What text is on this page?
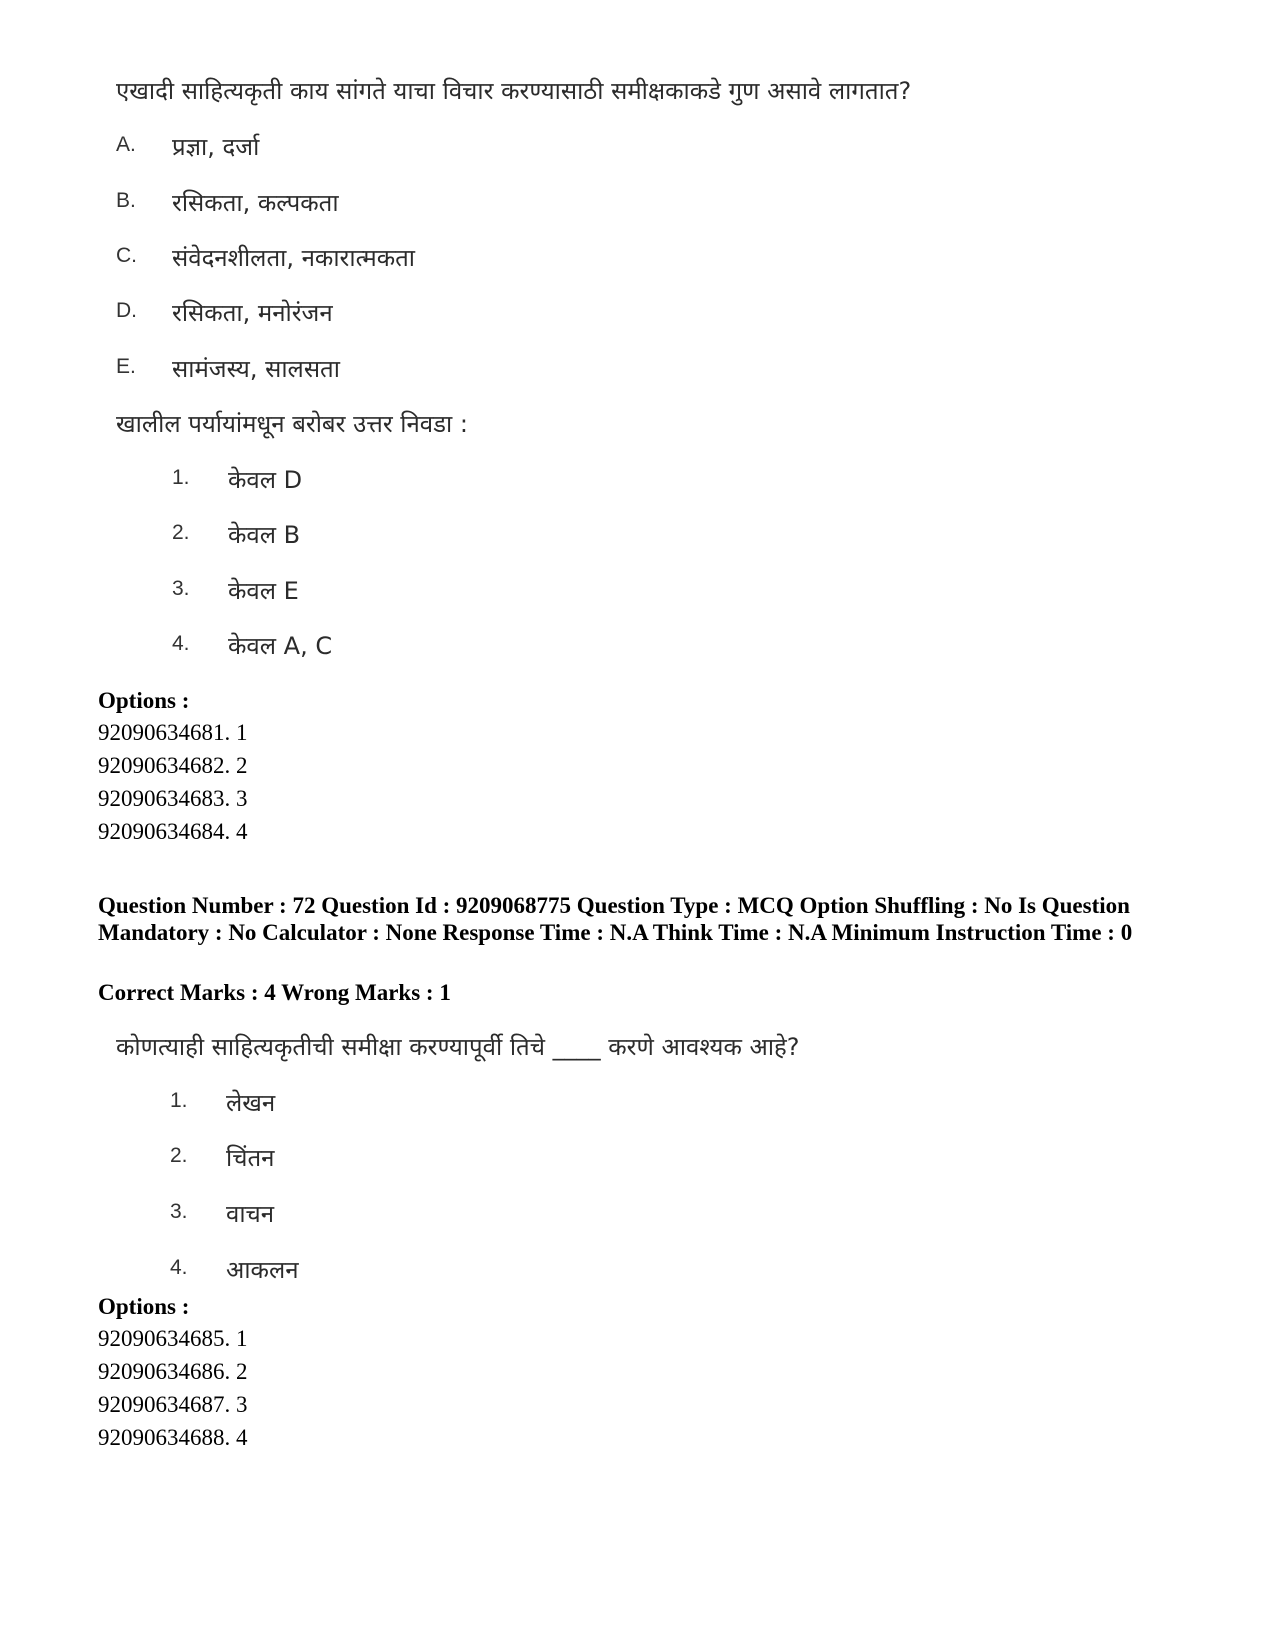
एखादी साहित्यकृती काय सांगते याचा विचार करण्यासाठी समीक्षकाकडे गुण असावे लागतात?
A. प्रज्ञा, दर्जा
B. रसिकता, कल्पकता
C. संवेदनशीलता, नकारात्मकता
D. रसिकता, मनोरंजन
E. सामंजस्य, सालसता
खालील पर्यायांमधून बरोबर उत्तर निवडा :
1. केवल D
2. केवल B
3. केवल E
4. केवल A, C
Options :
92090634681. 1
92090634682. 2
92090634683. 3
92090634684. 4

Question Number : 72 Question Id : 9209068775 Question Type : MCQ Option Shuffling : No Is Question Mandatory : No Calculator : None Response Time : N.A Think Time : N.A Minimum Instruction Time : 0

Correct Marks : 4 Wrong Marks : 1
कोणत्याही साहित्यकृतीची समीक्षा करण्यापूर्वी तिचे ____ करणे आवश्यक आहे?
1. लेखन
2. चिंतन
3. वाचन
4. आकलन
Options :
92090634685. 1
92090634686. 2
92090634687. 3
92090634688. 4
